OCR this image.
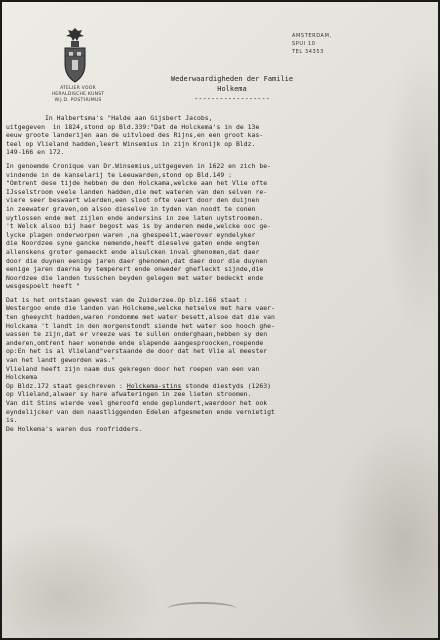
ATELIER VOOR
HERALDISCHE KUNST
W.J.D. POSTHUMUS
AMSTERDAM,
SPUI 10
TEL 34353
Wederwaardigheden der Familie
Holkema
------------------
In Halbertsma's "Halde aan Gijsbert Jacobs,
uitgegeven  in 1824,stond op Bld.339:"Dat de Holckema's in de 13e
eeuw groote landerijen aan de uitvloed des Rijns,en een groot kas-
teel op Vlieland hadden,leert Winsemius in zijn Kronijk op Bldz.
149-166 en 172.
In genoemde Cronique van Dr.Winsemius,uitgegeven in 1622 en zich be-
vindende in de kanselarij te Leeuwarden,stond op Bld.149 :
"Omtrent dese tijde hebben de den Holckama,welcke aan het Vlie ofte
IJsselstroom veele landen hadden,die met wateren van den selven re-
viere seer beswaart wierden,een sloot ofte vaert door den duijnen
in zeewater graven,om alsoo dieselve in tyden van noodt te conen
uytlossen ende met zijlen ende andersins in zee laten uytstroomen.
't Welck alsoo bij haer begost was is by anderen mede,welcke ooc ge-
lycke plagen onderworpen waren ,na ghespeelt,waerover eyndelyker
die Noordzee syne gancke nemende,heeft dieselve gaten ende engten
allenskens groter gemaeckt ende alsulcken inval ghenomen,dat daer
door die duynen eenige jaren daer ghenomen,dat daer door die duynen
eenige jaren daerna by temperert ende onweder ghefleckt sijnde,die
Noordzee die landen tusschen beyden gelegen met water bedeckt ende
wesgespoelt heeft "
Dat is het ontstaan gewest van de Zuiderzee.Op blz.166 staat :
Westergoo ende die landen van Holckeme,welcke hetselve met hare vaer-
ten gheeycht hadden,waren rondomme met water besett,alsoe dat die van
Holckama 't landt in den morgenstondt siende het water soo hooch ghe-
wassen te zijn,dat er vreeze was te sullen onderghaan,hebben sy den
anderen,omtrent haer wonende ende slapende aangesproocken,roepende
op:En het is al Vlieland"verstaande de door dat het Vlie al meester
van het landt geworden was."
Vlieland heeft zijn naam dus gekregen door het roepen van een van
Holckema
Op Bldz.172 staat geschreven : Holckema-stins stonde diestyds (1263)
op Vlieland,alwaer sy hare afwateringen in zee lieten stroomen.
Van dit Stins wierde veel gheroofd ende geplundert,waerdoor het ook
eyndelijcker van den naastliggenden Edelen afgesmeten ende vernietigt
is.
De Holkema's waren dus roofridders.
